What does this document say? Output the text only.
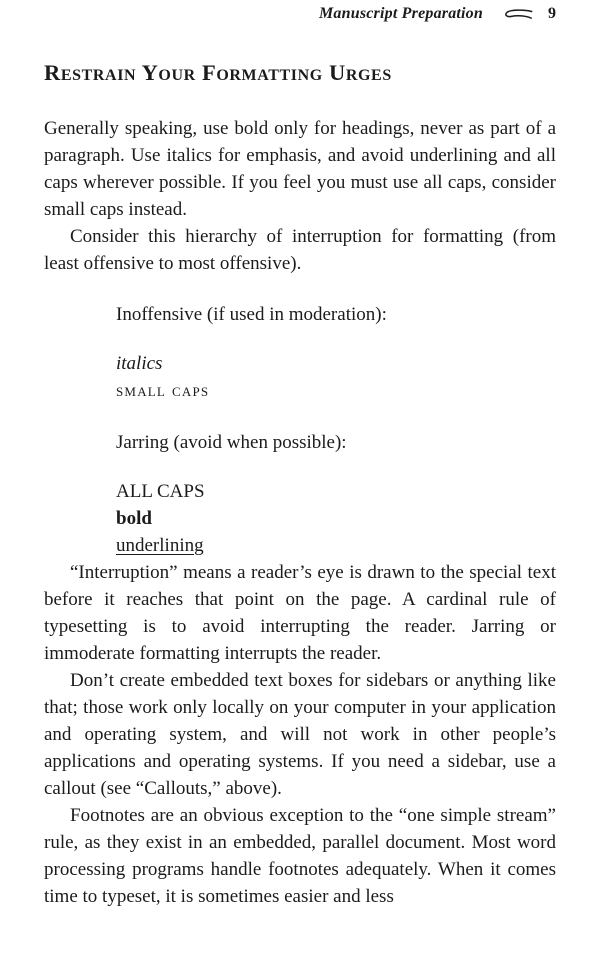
Manuscript Preparation	9
Restrain Your Formatting Urges

Generally speaking, use bold only for headings, never as part of a paragraph. Use italics for emphasis, and avoid underlining and all caps wherever possible. If you feel you must use all caps, consider small caps instead.

Consider this hierarchy of interruption for formatting (from least offensive to most offensive).

Inoffensive (if used in moderation):
italics
small caps
Jarring (avoid when possible):
ALL CAPS
bold
underlining

“Interruption” means a reader’s eye is drawn to the special text before it reaches that point on the page. A cardinal rule of typesetting is to avoid interrupting the reader. Jarring or immoderate formatting interrupts the reader.

Don’t create embedded text boxes for sidebars or anything like that; those work only locally on your computer in your application and operating system, and will not work in other people’s applications and operating systems. If you need a sidebar, use a callout (see “Callouts,” above).

Footnotes are an obvious exception to the “one simple stream” rule, as they exist in an embedded, parallel document. Most word processing programs handle footnotes adequately. When it comes time to typeset, it is sometimes easier and less
